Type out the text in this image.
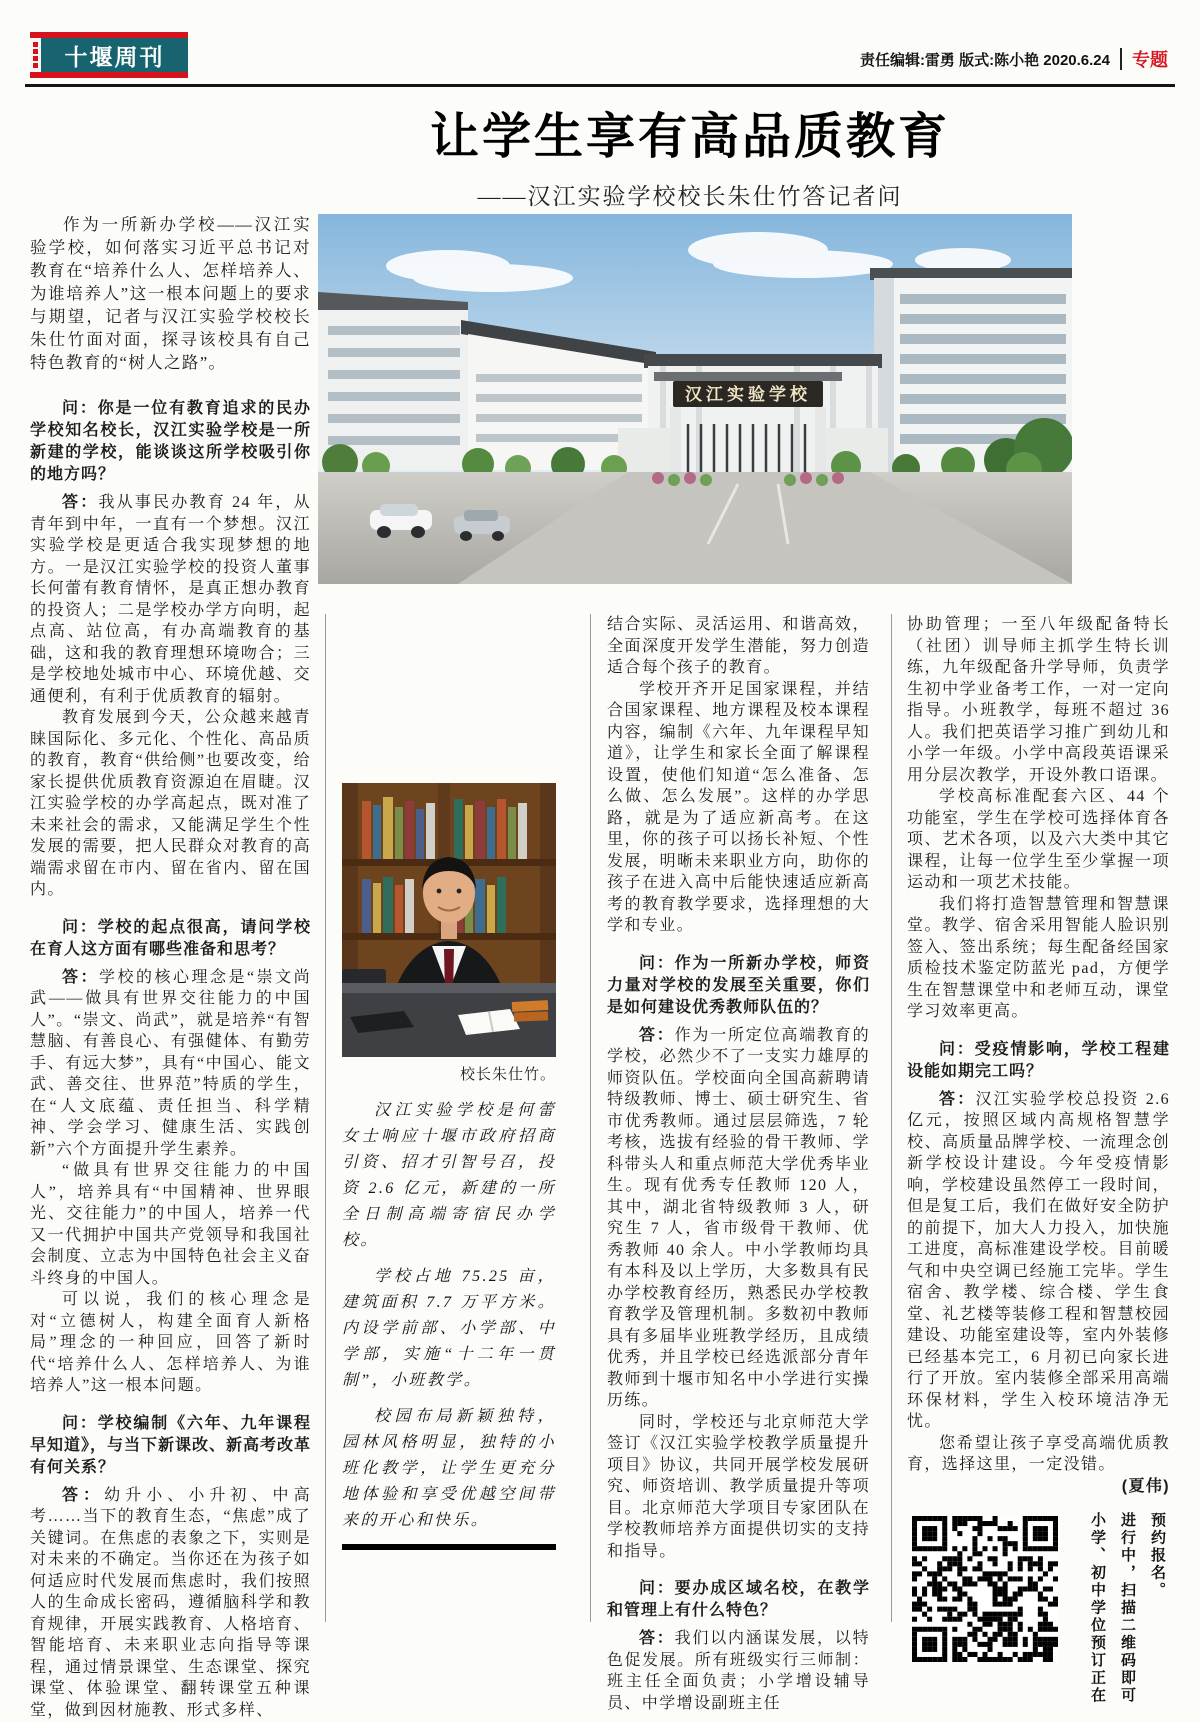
十堰周刊	责任编辑:雷勇 版式:陈小艳 2020.6.24 专题
让学生享有高品质教育
——汉江实验学校校长朱仕竹答记者问
汉江实验学校

作为一所新办学校——汉江实验学校，如何落实习近平总书记对教育在“培养什么人、怎样培养人、为谁培养人”这一根本问题上的要求与期望，记者与汉江实验学校校长朱仕竹面对面，探寻该校具有自己特色教育的“树人之路”。

问：你是一位有教育追求的民办学校知名校长，汉江实验学校是一所新建的学校，能谈谈这所学校吸引你的地方吗？

答：我从事民办教育 24 年，从青年到中年，一直有一个梦想。汉江实验学校是更适合我实现梦想的地方。一是汉江实验学校的投资人董事长何蕾有教育情怀，是真正想办教育的投资人；二是学校办学方向明，起点高、站位高，有办高端教育的基础，这和我的教育理想环境吻合；三是学校地处城市中心、环境优越、交通便利，有利于优质教育的辐射。

教育发展到今天，公众越来越青睐国际化、多元化、个性化、高品质的教育，教育“供给侧”也要改变，给家长提供优质教育资源迫在眉睫。汉江实验学校的办学高起点，既对准了未来社会的需求，又能满足学生个性发展的需要，把人民群众对教育的高端需求留在市内、留在省内、留在国内。

问：学校的起点很高，请问学校在育人这方面有哪些准备和思考？

答：学校的核心理念是“崇文尚武——做具有世界交往能力的中国人”。“崇文、尚武”，就是培养“有智慧脑、有善良心、有强健体、有勤劳手、有远大梦”，具有“中国心、能文武、善交往、世界范”特质的学生，在“人文底蕴、责任担当、科学精神、学会学习、健康生活、实践创新”六个方面提升学生素养。

“做具有世界交往能力的中国人”，培养具有“中国精神、世界眼光、交往能力”的中国人，培养一代又一代拥护中国共产党领导和我国社会制度、立志为中国特色社会主义奋斗终身的中国人。

可以说，我们的核心理念是对“立德树人，构建全面育人新格局”理念的一种回应，回答了新时代“培养什么人、怎样培养人、为谁培养人”这一根本问题。

问：学校编制《六年、九年课程早知道》，与当下新课改、新高考改革有何关系？

答：幼升小、小升初、中高考……当下的教育生态，“焦虑”成了关键词。在焦虑的表象之下，实则是对未来的不确定。当你还在为孩子如何适应时代发展而焦虑时，我们按照人的生命成长密码，遵循脑科学和教育规律，开展实践教育、人格培育、智能培育、未来职业志向指导等课程，通过情景课堂、生态课堂、探究课堂、体验课堂、翻转课堂五种课堂，做到因材施教、形式多样、

校长朱仕竹。

汉江实验学校是何蕾女士响应十堰市政府招商引资、招才引智号召，投资 2.6 亿元，新建的一所全日制高端寄宿民办学校。

学校占地 75.25 亩，建筑面积 7.7 万平方米。内设学前部、小学部、中学部，实施“十二年一贯制”，小班教学。

校园布局新颖独特，园林风格明显，独特的小班化教学，让学生更充分地体验和享受优越空间带来的开心和快乐。

结合实际、灵活运用、和谐高效，全面深度开发学生潜能，努力创造适合每个孩子的教育。

学校开齐开足国家课程，并结合国家课程、地方课程及校本课程内容，编制《六年、九年课程早知道》，让学生和家长全面了解课程设置，使他们知道“怎么准备、怎么做、怎么发展”。这样的办学思路，就是为了适应新高考。在这里，你的孩子可以扬长补短、个性发展，明晰未来职业方向，助你的孩子在进入高中后能快速适应新高考的教育教学要求，选择理想的大学和专业。

问：作为一所新办学校，师资力量对学校的发展至关重要，你们是如何建设优秀教师队伍的？

答：作为一所定位高端教育的学校，必然少不了一支实力雄厚的师资队伍。学校面向全国高薪聘请特级教师、博士、硕士研究生、省市优秀教师。通过层层筛选，7 轮考核，选拔有经验的骨干教师、学科带头人和重点师范大学优秀毕业生。现有优秀专任教师 120 人，其中，湖北省特级教师 3 人，研究生 7 人，省市级骨干教师、优秀教师 40 余人。中小学教师均具有本科及以上学历，大多数具有民办学校教育经历，熟悉民办学校教育教学及管理机制。多数初中教师具有多届毕业班教学经历，且成绩优秀，并且学校已经选派部分青年教师到十堰市知名中小学进行实操历练。

同时，学校还与北京师范大学签订《汉江实验学校教学质量提升项目》协议，共同开展学校发展研究、师资培训、教学质量提升等项目。北京师范大学项目专家团队在学校教师培养方面提供切实的支持和指导。

问：要办成区域名校，在教学和管理上有什么特色？

答：我们以内涵谋发展，以特色促发展。所有班级实行三师制：班主任全面负责；小学增设辅导员、中学增设副班主任

协助管理；一至八年级配备特长（社团）训导师主抓学生特长训练，九年级配备升学导师，负责学生初中学业备考工作，一对一定向指导。小班教学，每班不超过 36 人。我们把英语学习推广到幼儿和小学一年级。小学中高段英语课采用分层次教学，开设外教口语课。

学校高标准配套六区、44 个功能室，学生在学校可选择体育各项、艺术各项，以及六大类中其它课程，让每一位学生至少掌握一项运动和一项艺术技能。

我们将打造智慧管理和智慧课堂。教学、宿舍采用智能人脸识别签入、签出系统；每生配备经国家质检技术鉴定防蓝光 pad，方便学生在智慧课堂中和老师互动，课堂学习效率更高。

问：受疫情影响，学校工程建设能如期完工吗？

答：汉江实验学校总投资 2.6 亿元，按照区域内高规格智慧学校、高质量品牌学校、一流理念创新学校设计建设。今年受疫情影响，学校建设虽然停工一段时间，但是复工后，我们在做好安全防护的前提下，加大人力投入，加快施工进度，高标准建设学校。目前暖气和中央空调已经施工完毕。学生宿舍、教学楼、综合楼、学生食堂、礼艺楼等装修工程和智慧校园建设、功能室建设等，室内外装修已经基本完工，6 月初已向家长进行了开放。室内装修全部采用高端环保材料，学生入校环境洁净无忧。

您希望让孩子享受高端优质教育，选择这里，一定没错。
(夏伟)

小学、初中学位预订正在进行中，扫描二维码即可预约报名。
